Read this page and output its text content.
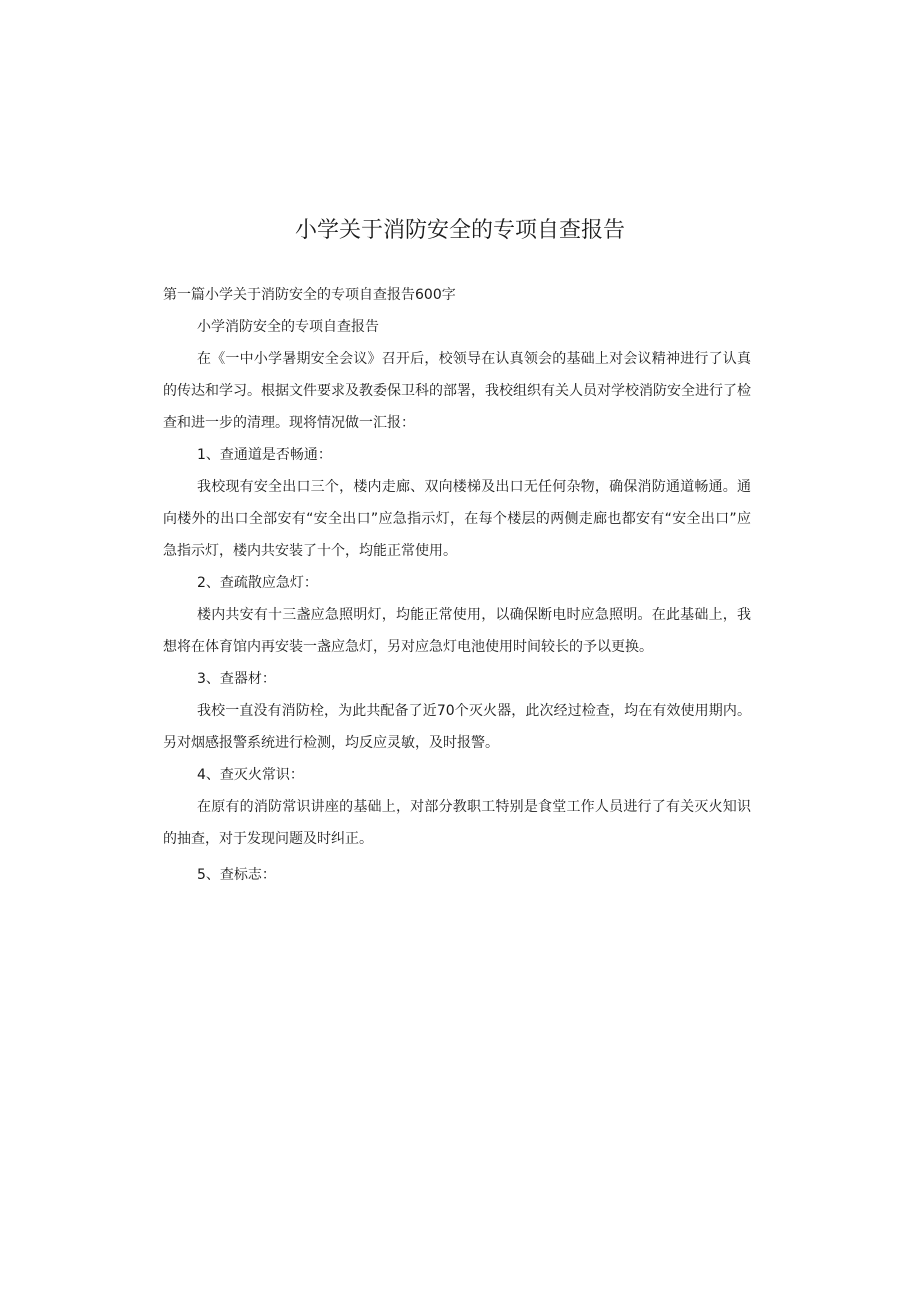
小学关于消防安全的专项自查报告

第一篇小学关于消防安全的专项自查报告600字

小学消防安全的专项自查报告

在《一中小学暑期安全会议》召开后，校领导在认真领会的基础上对会议精神进行了认真的传达和学习。根据文件要求及教委保卫科的部署，我校组织有关人员对学校消防安全进行了检查和进一步的清理。现将情况做一汇报：

1、查通道是否畅通：

我校现有安全出口三个，楼内走廊、双向楼梯及出口无任何杂物，确保消防通道畅通。通向楼外的出口全部安有“安全出口”应急指示灯，在每个楼层的两侧走廊也都安有“安全出口”应急指示灯，楼内共安装了十个，均能正常使用。

2、查疏散应急灯：

楼内共安有十三盏应急照明灯，均能正常使用，以确保断电时应急照明。在此基础上，我想将在体育馆内再安装一盏应急灯，另对应急灯电池使用时间较长的予以更换。

3、查器材：

我校一直没有消防栓，为此共配备了近70个灭火器，此次经过检查，均在有效使用期内。另对烟感报警系统进行检测，均反应灵敏，及时报警。

4、查灭火常识：

在原有的消防常识讲座的基础上，对部分教职工特别是食堂工作人员进行了有关灭火知识的抽查，对于发现问题及时纠正。

5、查标志：
